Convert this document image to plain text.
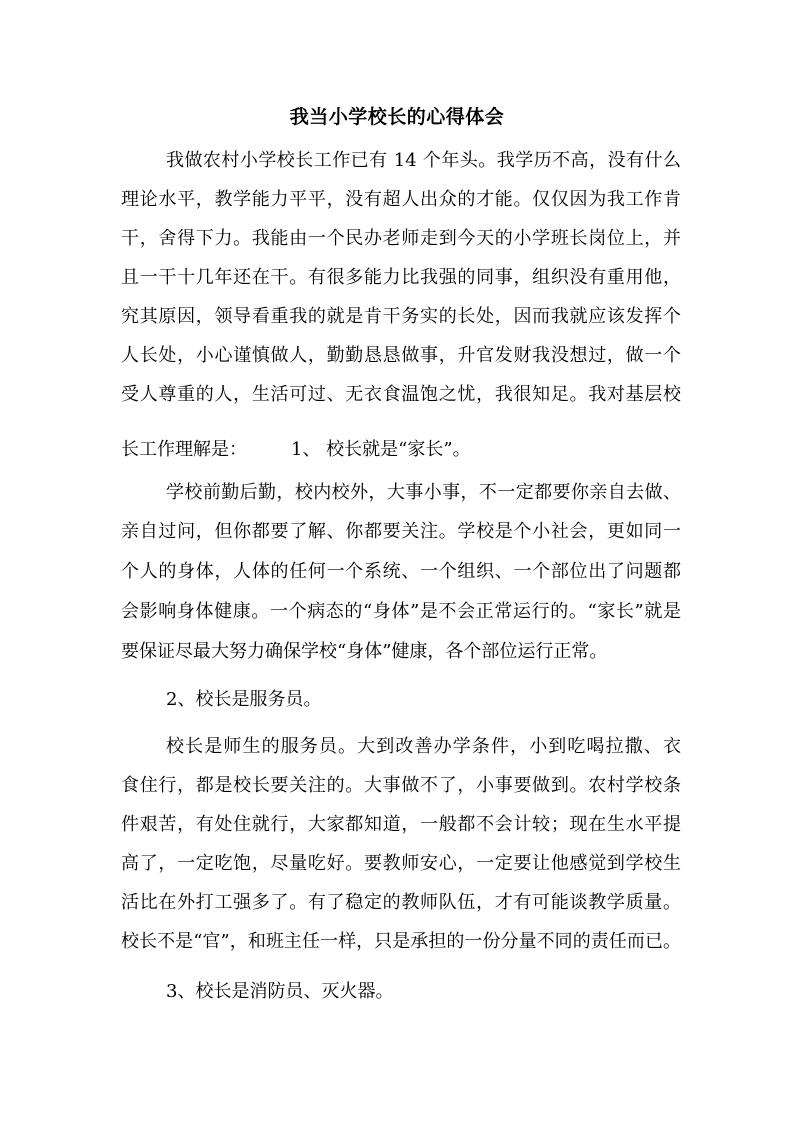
我当小学校长的心得体会
我做农村小学校长工作已有 14 个年头。我学历不高，没有什么
理论水平，教学能力平平，没有超人出众的才能。仅仅因为我工作肯
干，舍得下力。我能由一个民办老师走到今天的小学班长岗位上，并
且一干十几年还在干。有很多能力比我强的同事，组织没有重用他，
究其原因，领导看重我的就是肯干务实的长处，因而我就应该发挥个
人长处，小心谨慎做人，勤勤恳恳做事，升官发财我没想过，做一个
受人尊重的人，生活可过、无衣食温饱之忧，我很知足。我对基层校
长工作理解是： 1、 校长就是“家长”。
学校前勤后勤，校内校外，大事小事，不一定都要你亲自去做、
亲自过问，但你都要了解、你都要关注。学校是个小社会，更如同一
个人的身体，人体的任何一个系统、一个组织、一个部位出了问题都
会影响身体健康。一个病态的“身体”是不会正常运行的。“家长”就是
要保证尽最大努力确保学校“身体”健康，各个部位运行正常。
2、校长是服务员。
校长是师生的服务员。大到改善办学条件，小到吃喝拉撒、衣
食住行，都是校长要关注的。大事做不了，小事要做到。农村学校条
件艰苦，有处住就行，大家都知道，一般都不会计较；现在生水平提
高了，一定吃饱，尽量吃好。要教师安心，一定要让他感觉到学校生
活比在外打工强多了。有了稳定的教师队伍，才有可能谈教学质量。
校长不是“官”，和班主任一样，只是承担的一份分量不同的责任而已。
3、校长是消防员、灭火器。
